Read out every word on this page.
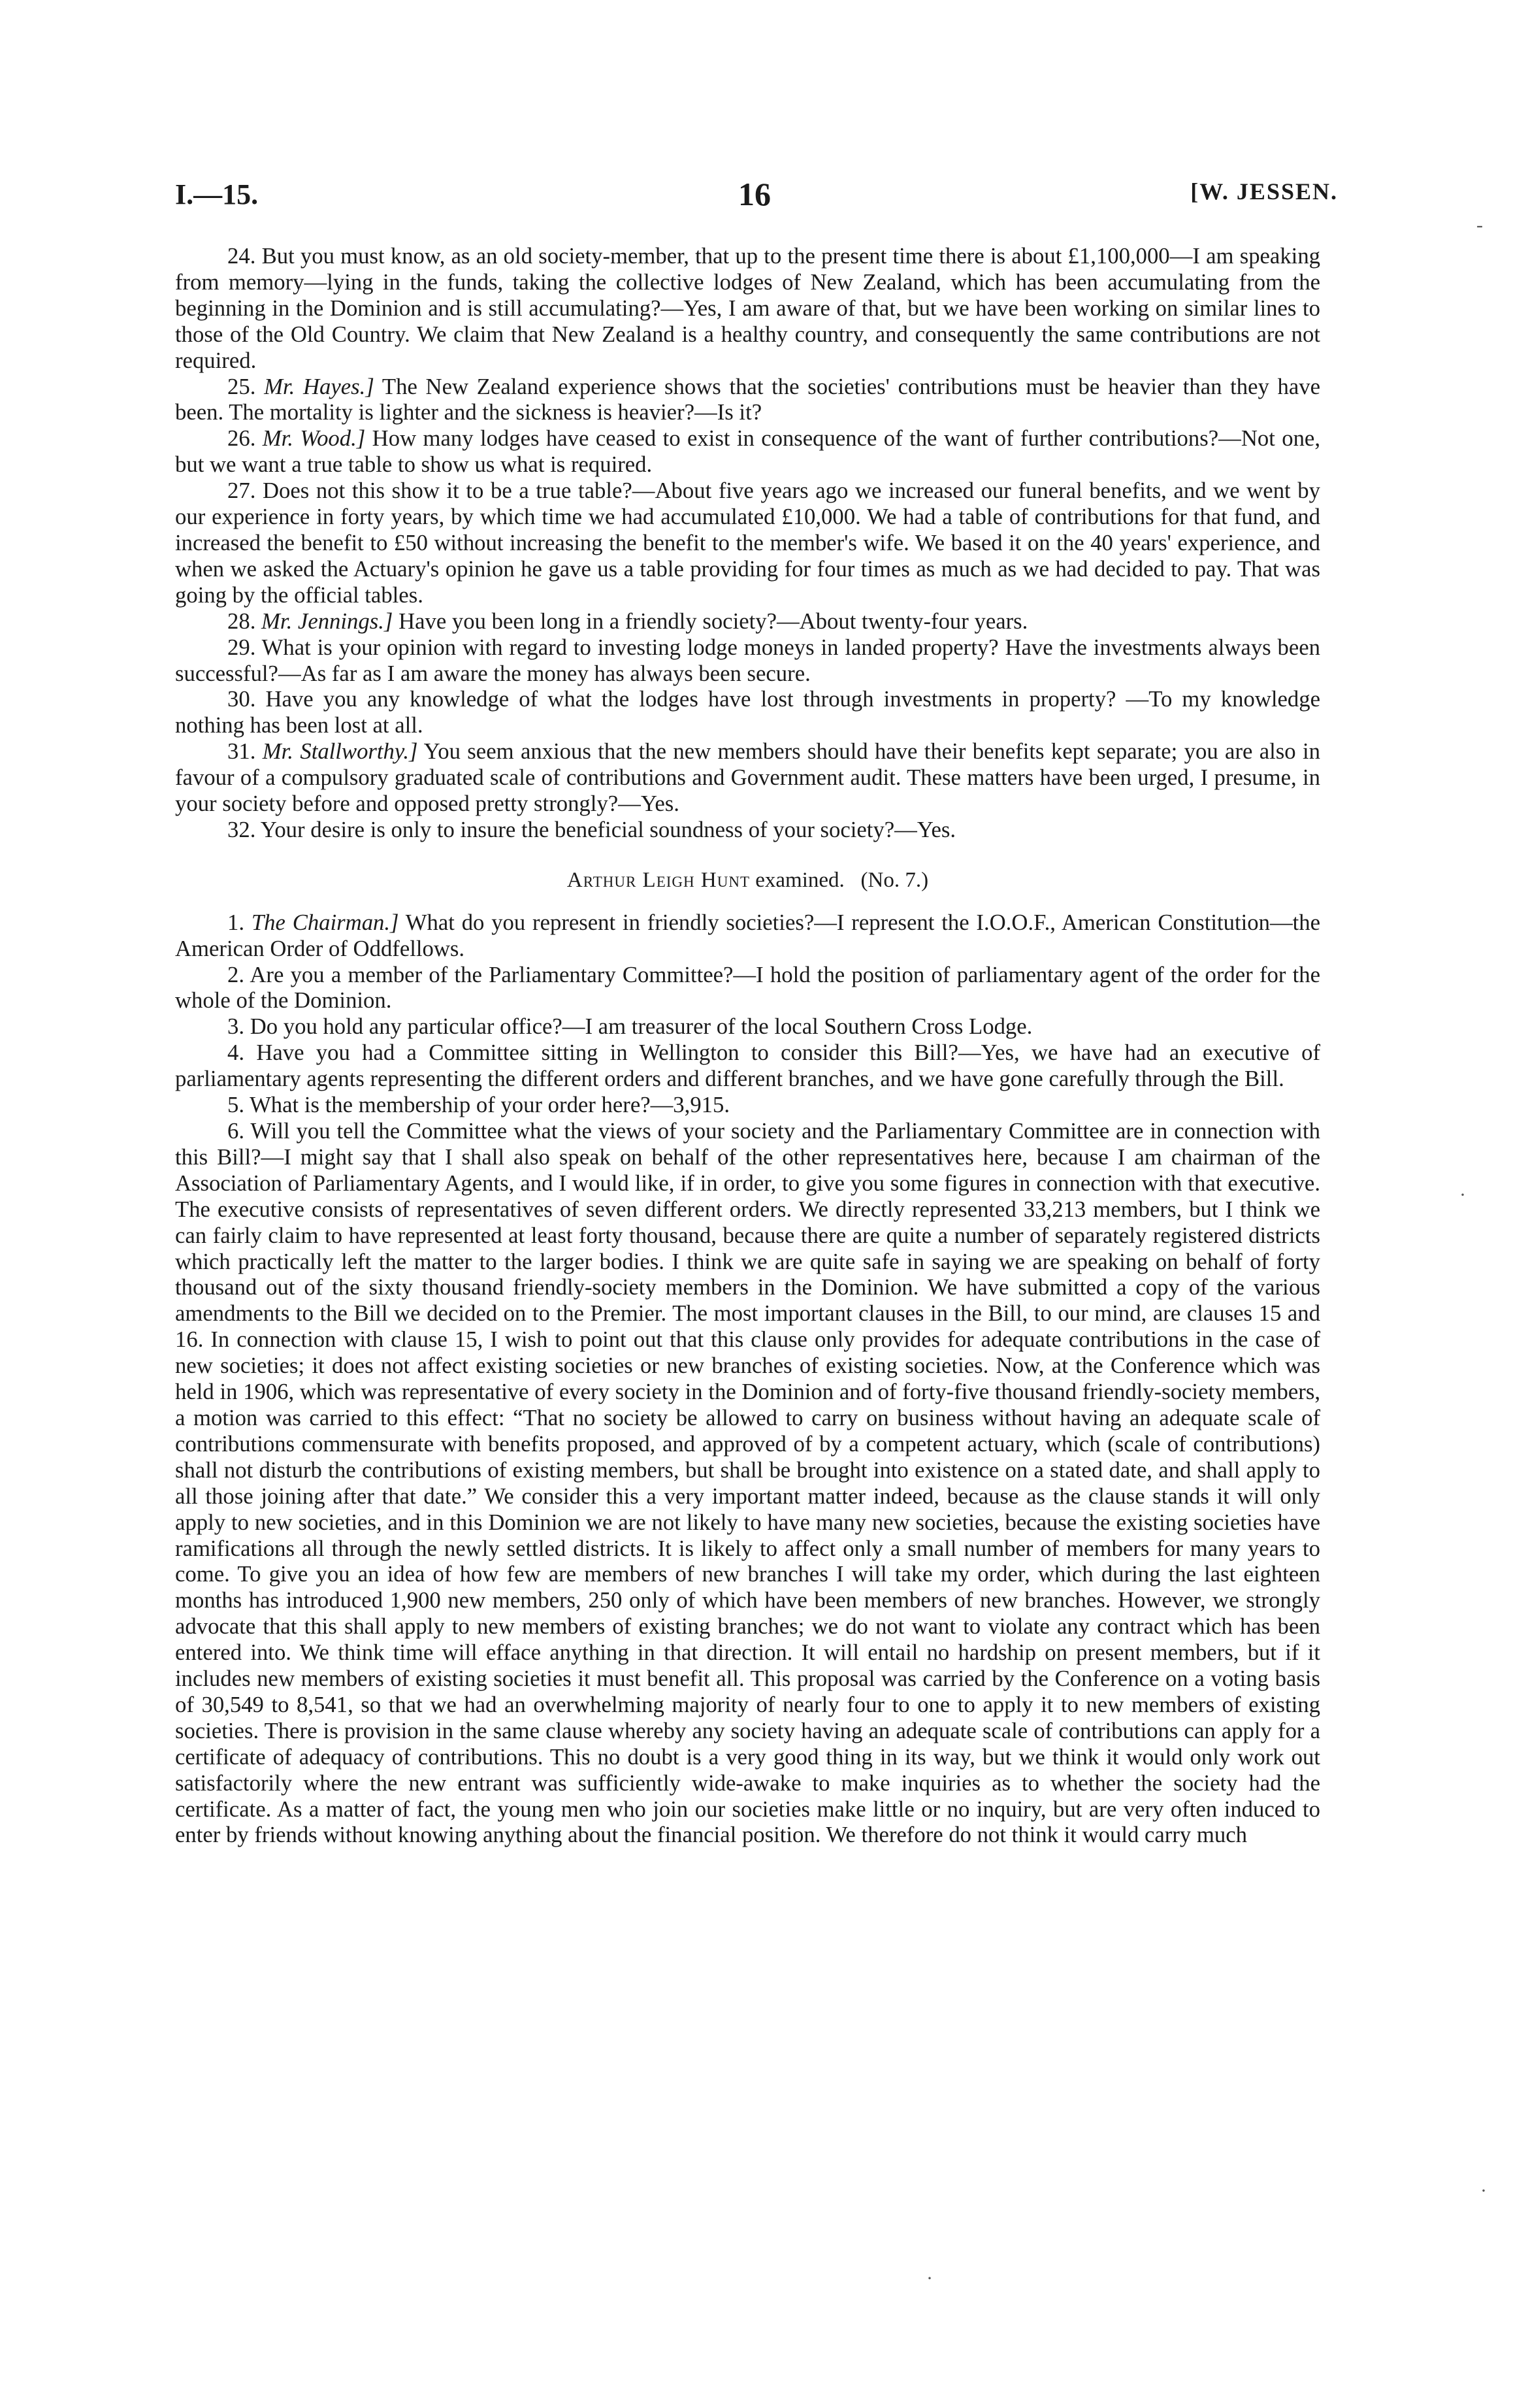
I.—15.	16	[W. JESSEN.

24. But you must know, as an old society-member, that up to the present time there is about £1,100,000—I am speaking from memory—lying in the funds, taking the collective lodges of New Zealand, which has been accumulating from the beginning in the Dominion and is still accumulating?—Yes, I am aware of that, but we have been working on similar lines to those of the Old Country. We claim that New Zealand is a healthy country, and consequently the same contributions are not required.

25. Mr. Hayes.] The New Zealand experience shows that the societies' contributions must be heavier than they have been. The mortality is lighter and the sickness is heavier?—Is it?

26. Mr. Wood.] How many lodges have ceased to exist in consequence of the want of further contributions?—Not one, but we want a true table to show us what is required.

27. Does not this show it to be a true table?—About five years ago we increased our funeral benefits, and we went by our experience in forty years, by which time we had accumulated £10,000. We had a table of contributions for that fund, and increased the benefit to £50 without increasing the benefit to the member's wife. We based it on the 40 years' experience, and when we asked the Actuary's opinion he gave us a table providing for four times as much as we had decided to pay. That was going by the official tables.

28. Mr. Jennings.] Have you been long in a friendly society?—About twenty-four years.

29. What is your opinion with regard to investing lodge moneys in landed property? Have the investments always been successful?—As far as I am aware the money has always been secure.

30. Have you any knowledge of what the lodges have lost through investments in property? —To my knowledge nothing has been lost at all.

31. Mr. Stallworthy.] You seem anxious that the new members should have their benefits kept separate; you are also in favour of a compulsory graduated scale of contributions and Government audit. These matters have been urged, I presume, in your society before and opposed pretty strongly?—Yes.

32. Your desire is only to insure the beneficial soundness of your society?—Yes.

Arthur Leigh Hunt examined. (No. 7.)

1. The Chairman.] What do you represent in friendly societies?—I represent the I.O.O.F., American Constitution—the American Order of Oddfellows.

2. Are you a member of the Parliamentary Committee?—I hold the position of parliamentary agent of the order for the whole of the Dominion.

3. Do you hold any particular office?—I am treasurer of the local Southern Cross Lodge.

4. Have you had a Committee sitting in Wellington to consider this Bill?—Yes, we have had an executive of parliamentary agents representing the different orders and different branches, and we have gone carefully through the Bill.

5. What is the membership of your order here?—3,915.

6. Will you tell the Committee what the views of your society and the Parliamentary Committee are in connection with this Bill?—I might say that I shall also speak on behalf of the other representatives here, because I am chairman of the Association of Parliamentary Agents, and I would like, if in order, to give you some figures in connection with that executive. The executive consists of representatives of seven different orders. We directly represented 33,213 members, but I think we can fairly claim to have represented at least forty thousand, because there are quite a number of separately registered districts which practically left the matter to the larger bodies. I think we are quite safe in saying we are speaking on behalf of forty thousand out of the sixty thousand friendly-society members in the Dominion. We have submitted a copy of the various amendments to the Bill we decided on to the Premier. The most important clauses in the Bill, to our mind, are clauses 15 and 16. In connection with clause 15, I wish to point out that this clause only provides for adequate contributions in the case of new societies; it does not affect existing societies or new branches of existing societies. Now, at the Conference which was held in 1906, which was representative of every society in the Dominion and of forty-five thousand friendly-society members, a motion was carried to this effect: “That no society be allowed to carry on business without having an adequate scale of contributions commensurate with benefits proposed, and approved of by a competent actuary, which (scale of contributions) shall not disturb the contributions of existing members, but shall be brought into existence on a stated date, and shall apply to all those joining after that date.” We consider this a very important matter indeed, because as the clause stands it will only apply to new societies, and in this Dominion we are not likely to have many new societies, because the existing societies have ramifications all through the newly settled districts. It is likely to affect only a small number of members for many years to come. To give you an idea of how few are members of new branches I will take my order, which during the last eighteen months has introduced 1,900 new members, 250 only of which have been members of new branches. However, we strongly advocate that this shall apply to new members of existing branches; we do not want to violate any contract which has been entered into. We think time will efface anything in that direction. It will entail no hardship on present members, but if it includes new members of existing societies it must benefit all. This proposal was carried by the Conference on a voting basis of 30,549 to 8,541, so that we had an overwhelming majority of nearly four to one to apply it to new members of existing societies. There is provision in the same clause whereby any society having an adequate scale of contributions can apply for a certificate of adequacy of contributions. This no doubt is a very good thing in its way, but we think it would only work out satisfactorily where the new entrant was sufficiently wide-awake to make inquiries as to whether the society had the certificate. As a matter of fact, the young men who join our societies make little or no inquiry, but are very often induced to enter by friends without knowing anything about the financial position. We therefore do not think it would carry much

-
·
·
·
